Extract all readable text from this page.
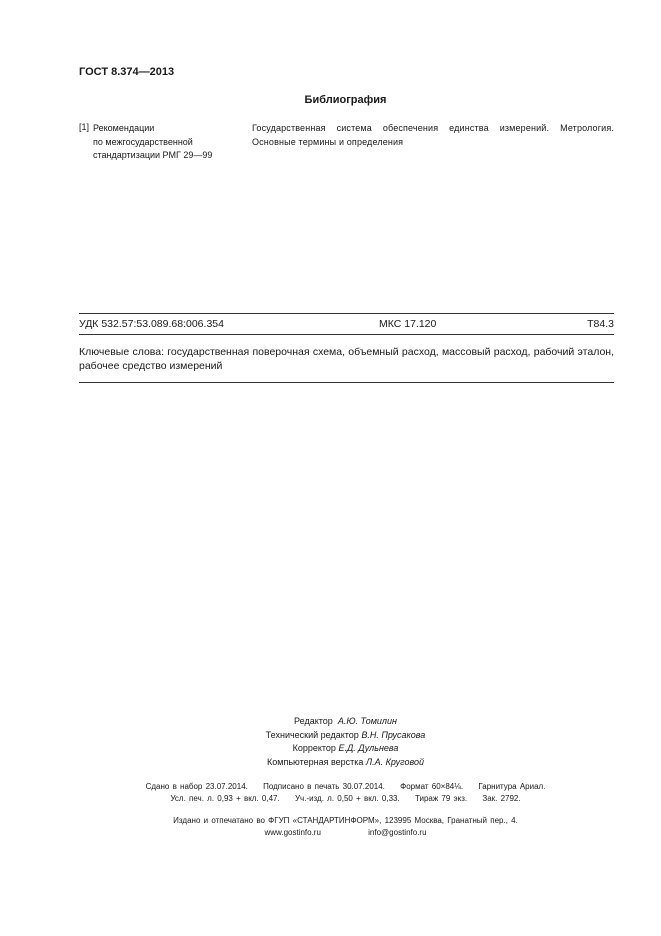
ГОСТ 8.374—2013
Библиография
[1] Рекомендации
по межгосударственной
стандартизации РМГ 29—99
Государственная система обеспечения единства измерений. Метрология. Основные термины и определения
УДК 532.57:53.089.68:006.354	МКС 17.120	Т84.3
Ключевые слова: государственная поверочная схема, объемный расход, массовый расход, рабочий эталон, рабочее средство измерений
Редактор А.Ю. Томилин
Технический редактор В.Н. Прусакова
Корректор Е.Д. Дульнева
Компьютерная верстка Л.А. Круговой
Сдано в набор 23.07.2014. Подписано в печать 30.07.2014. Формат 60×84⅛. Гарнитура Ариал.
Усл. печ. л. 0,93 + вкл. 0,47. Уч.-изд. л. 0,50 + вкл. 0,33. Тираж 79 экз. Зак. 2792.
Издано и отпечатано во ФГУП «СТАНДАРТИНФОРМ», 123995 Москва, Гранатный пер., 4.
www.gostinfo.ru	info@gostinfo.ru
